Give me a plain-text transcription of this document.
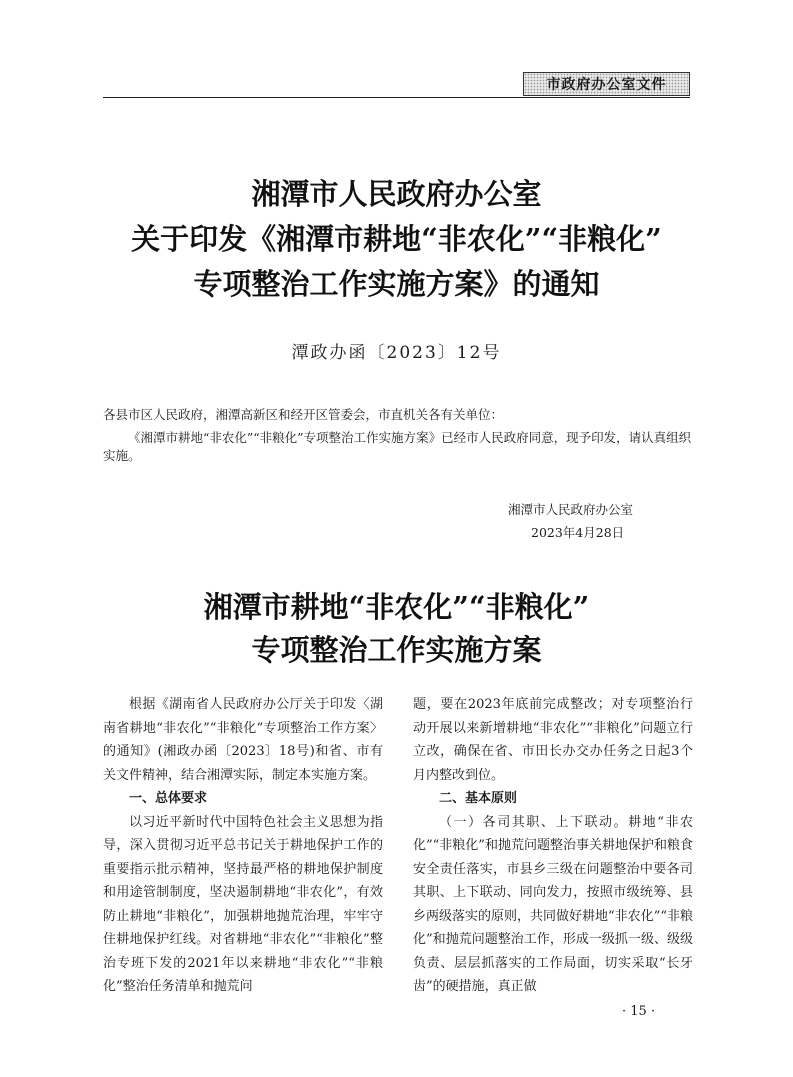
市政府办公室文件
湘潭市人民政府办公室
关于印发《湘潭市耕地“非农化”“非粮化”
专项整治工作实施方案》的通知
潭政办函〔2023〕12号
各县市区人民政府，湘潭高新区和经开区管委会，市直机关各有关单位：
《湘潭市耕地“非农化”“非粮化”专项整治工作实施方案》已经市人民政府同意，现予印发，请认真组织实施。
湘潭市人民政府办公室
2023年4月28日
湘潭市耕地“非农化”“非粮化”
专项整治工作实施方案

根据《湖南省人民政府办公厅关于印发〈湖南省耕地“非农化”“非粮化”专项整治工作方案〉的通知》(湘政办函〔2023〕18号)和省、市有关文件精神，结合湘潭实际，制定本实施方案。

一、总体要求

以习近平新时代中国特色社会主义思想为指导，深入贯彻习近平总书记关于耕地保护工作的重要指示批示精神，坚持最严格的耕地保护制度和用途管制制度，坚决遏制耕地“非农化”，有效防止耕地“非粮化”，加强耕地抛荒治理，牢牢守住耕地保护红线。对省耕地“非农化”“非粮化”整治专班下发的2021年以来耕地“非农化”“非粮化”整治任务清单和抛荒问

题，要在2023年底前完成整改；对专项整治行动开展以来新增耕地“非农化”“非粮化”问题立行立改，确保在省、市田长办交办任务之日起3个月内整改到位。

二、基本原则

（一）各司其职、上下联动。耕地“非农化”“非粮化”和抛荒问题整治事关耕地保护和粮食安全责任落实，市县乡三级在问题整治中要各司其职、上下联动、同向发力，按照市级统筹、县乡两级落实的原则，共同做好耕地“非农化”“非粮化”和抛荒问题整治工作，形成一级抓一级、级级负责、层层抓落实的工作局面，切实采取“长牙齿”的硬措施，真正做

· 15 ·
